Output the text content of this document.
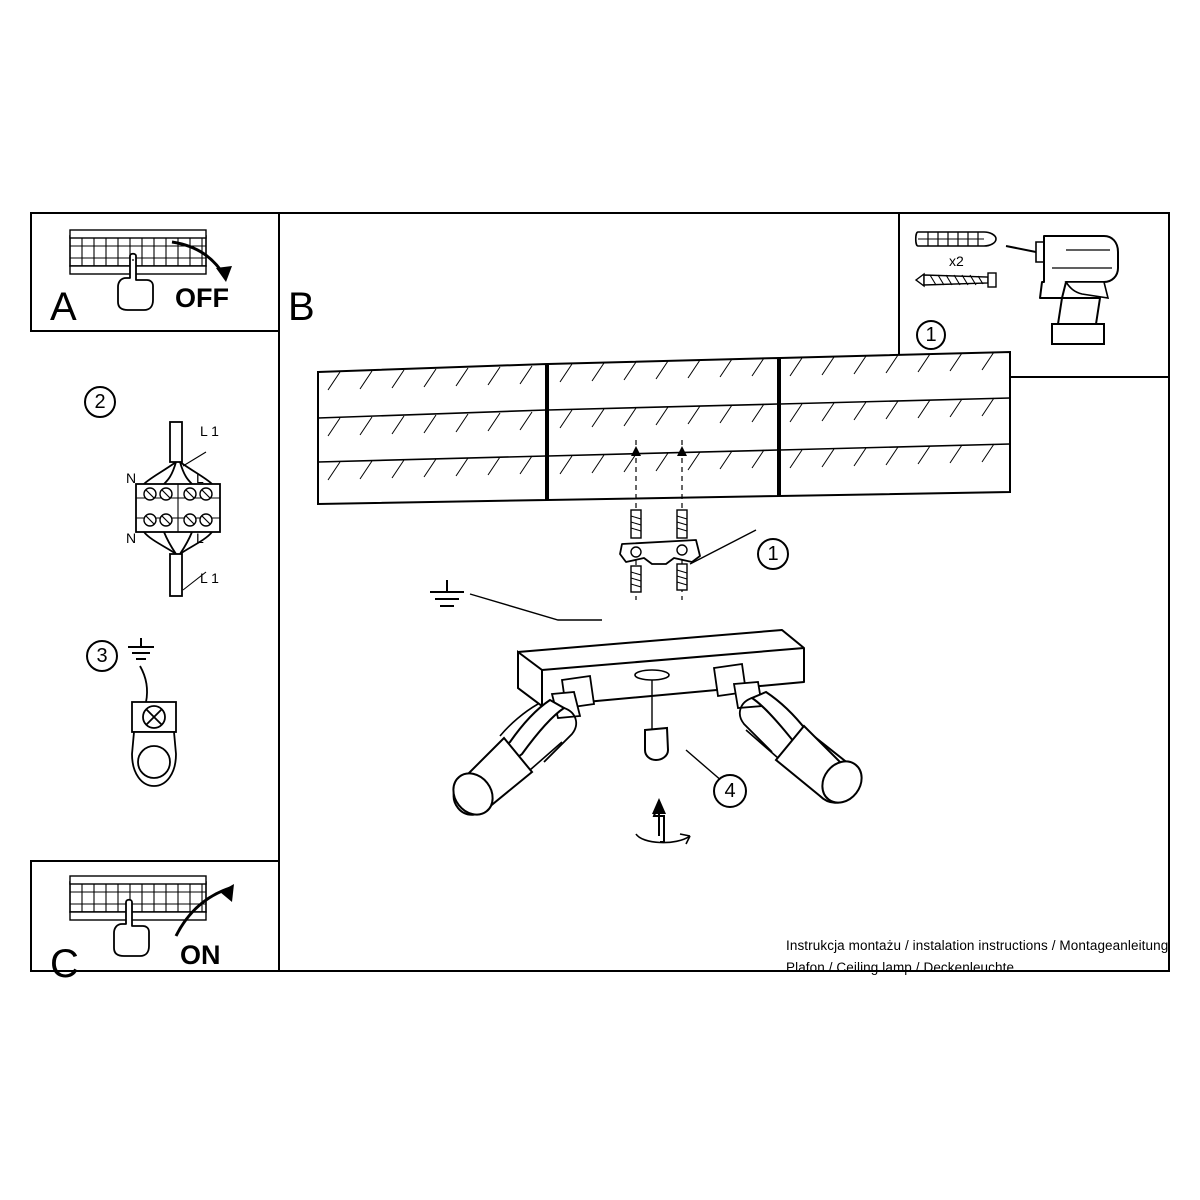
A	OFF B
1
x2
2
L 1
N	L
N	L
L 1
3
1
4
C	ON	Instrukcja montażu / instalation instructions / Montageanleitung
Plafon / Ceiling lamp / Deckenleuchte
